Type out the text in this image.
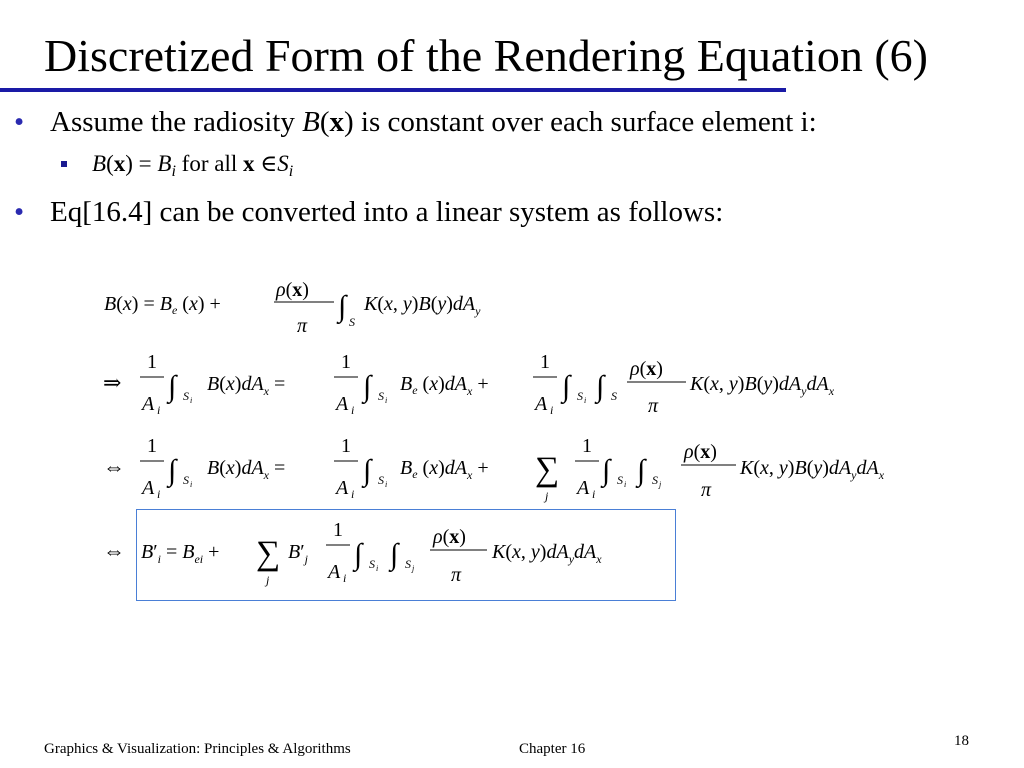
Discretized Form of the Rendering Equation (6)
• Assume the radiosity B(x) is constant over each surface element i:
$B(x) = B_i$ for all x $\in S_i$
• Eq[16.4] can be converted into a linear system as follows:
$B(x) = B_e$ (x) +
ρ(x)
π
∫ S
K(x, $y)B(y)dA_y$
⇒
1
A i
∫ S i
$B(x)dA_x$ =
1
A i
∫ S i
$B_e$ $(x)dA_x$ +
1
A i
∫ S i ∫ S
ρ(x)
π
K(x, $y)B(y)dA_ydA_x$
⇔
1
A i
∫ S i
$B(x)dA_x$ =
1
A i
∫ S i
$B_e$ $(x)dA_x$ + ∑
j
1
A i
∫ S i ∫ S j
ρ(x)
π
K(x, $y)B(y)dA_ydA_x$
⇔ $B'_i = B_{ei}$ + ∑
j
$B'_j$
1
A i
∫ S i ∫ S j
ρ(x)
π
K(x, $y)dA_ydA_x$
Graphics & Visualization: Principles & Algorithms	Chapter 16	18
